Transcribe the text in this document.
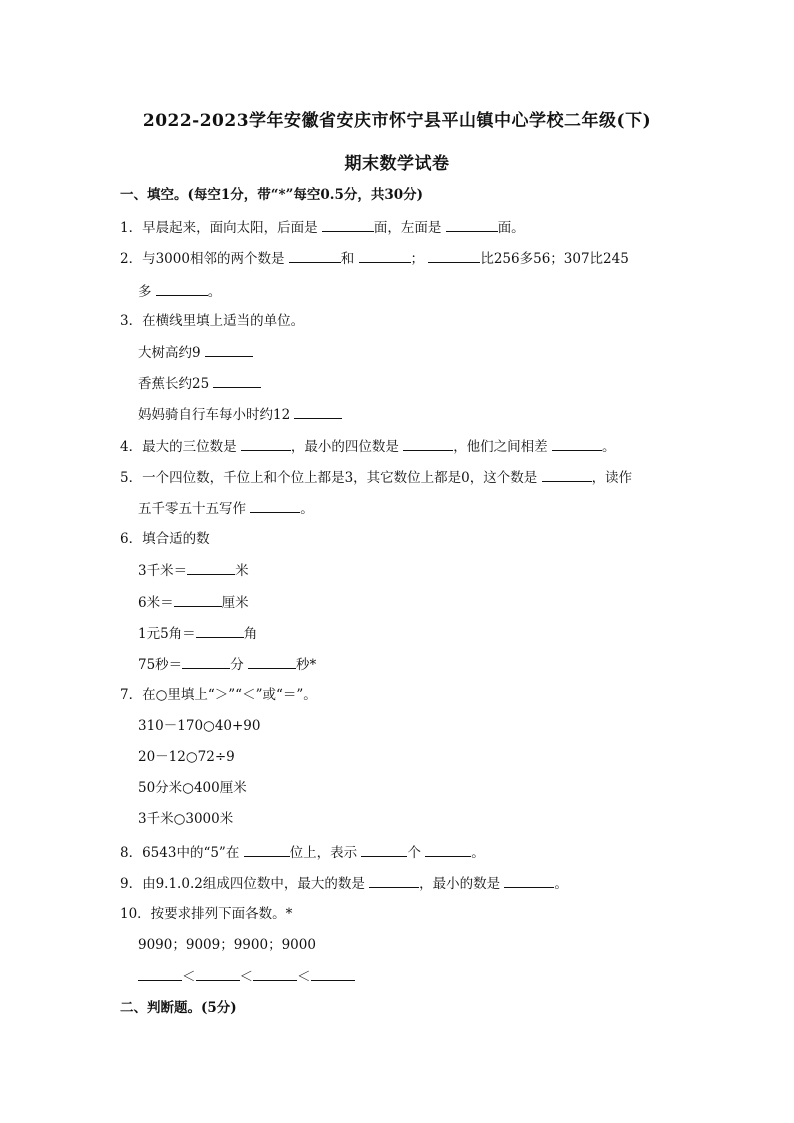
2022-2023学年安徽省安庆市怀宁县平山镇中心学校二年级(下)
期末数学试卷
一、填空。(每空1分，带“*”每空0.5分，共30分)
1．早晨起来，面向太阳，后面是	面，左面是	面。
2．与3000相邻的两个数是	和	；	比256多56；307比245
多	。
3．在横线里填上适当的单位。
大树高约9
香蕉长约25
妈妈骑自行车每小时约12
4．最大的三位数是	，最小的四位数是	，他们之间相差	。
5．一个四位数，千位上和个位上都是3，其它数位上都是0，这个数是	，读作
五千零五十五写作	。
6．填合适的数
3千米＝	米
6米＝	厘米
1元5角＝	角
75秒＝	分	秒*
7．在○里填上“＞”“＜”或“＝”。
310－170○40+90
20－12○72÷9
50分米○400厘米
3千米○3000米
8．6543中的“5”在	位上，表示	个	。
9．由9.1.0.2组成四位数中，最大的数是	，最小的数是	。
10．按要求排列下面各数。*
9090；9009；9900；9000
＜	＜	＜
二、判断题。(5分)
